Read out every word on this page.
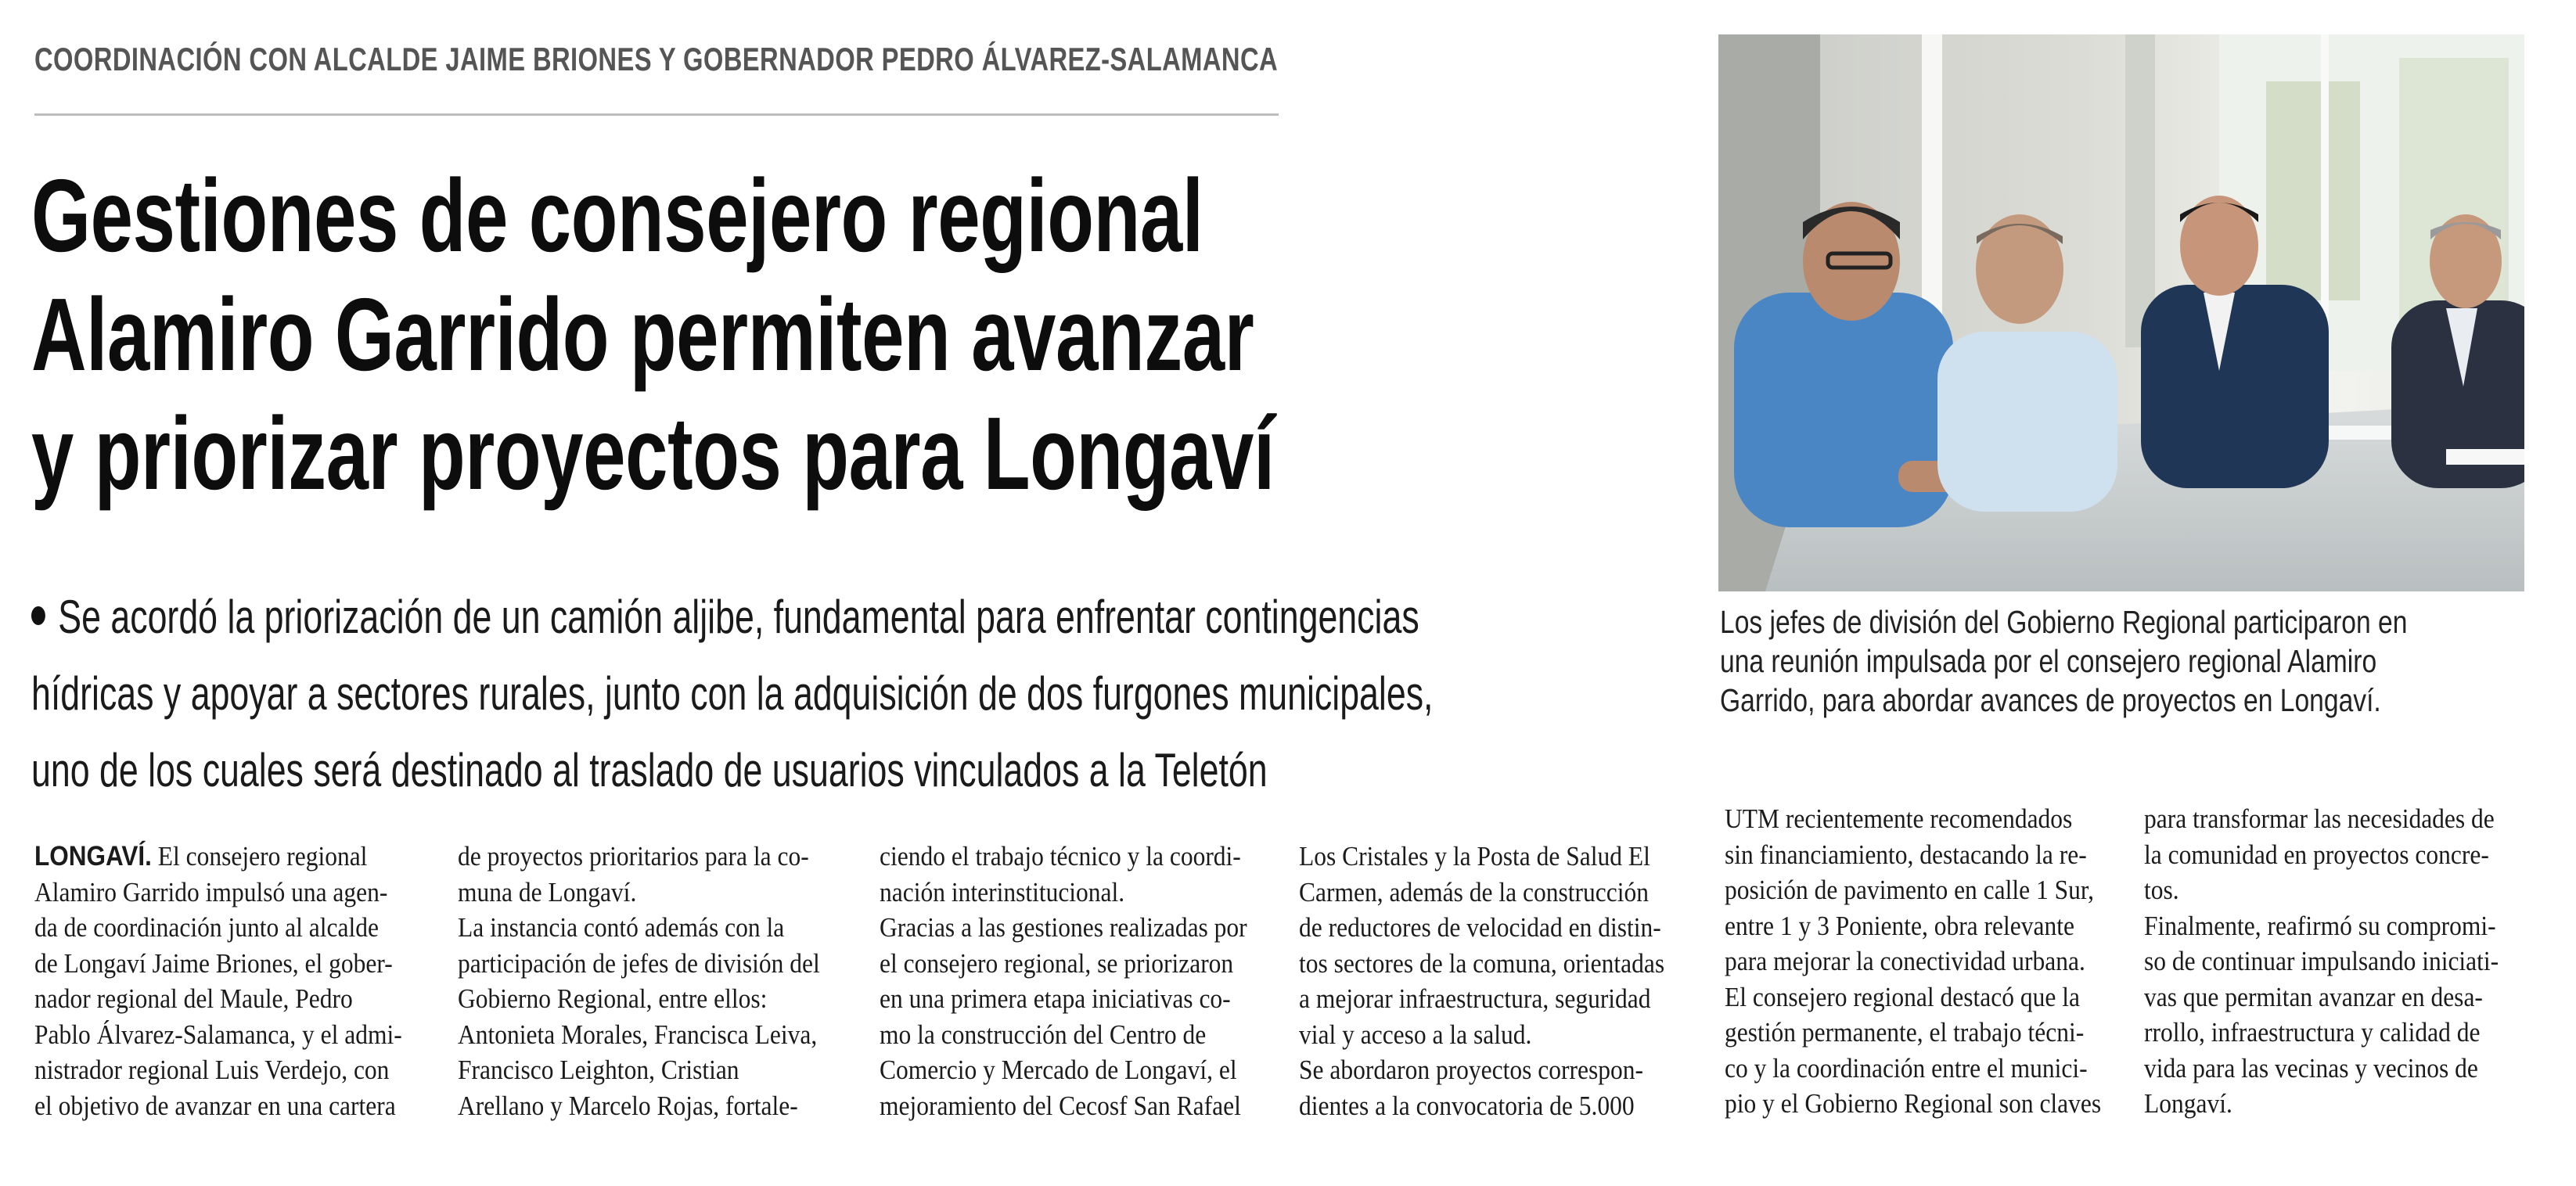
COORDINACIÓN CON ALCALDE JAIME BRIONES Y GOBERNADOR PEDRO ÁLVAREZ-SALAMANCA
Gestiones de consejero regional
Alamiro Garrido permiten avanzar
y priorizar proyectos para Longaví
Se acordó la priorización de un camión aljibe, fundamental para enfrentar contingencias
hídricas y apoyar a sectores rurales, junto con la adquisición de dos furgones municipales,
uno de los cuales será destinado al traslado de usuarios vinculados a la Teletón
Los jefes de división del Gobierno Regional participaron en
una reunión impulsada por el consejero regional Alamiro
Garrido, para abordar avances de proyectos en Longaví.
LONGAVÍ. El consejero regional
Alamiro Garrido impulsó una agen-
da de coordinación junto al alcalde
de Longaví Jaime Briones, el gober-
nador regional del Maule, Pedro
Pablo Álvarez-Salamanca, y el admi-
nistrador regional Luis Verdejo, con
el objetivo de avanzar en una cartera
de proyectos prioritarios para la co-
muna de Longaví.
La instancia contó además con la
participación de jefes de división del
Gobierno Regional, entre ellos:
Antonieta Morales, Francisca Leiva,
Francisco Leighton, Cristian
Arellano y Marcelo Rojas, fortale-
ciendo el trabajo técnico y la coordi-
nación interinstitucional.
Gracias a las gestiones realizadas por
el consejero regional, se priorizaron
en una primera etapa iniciativas co-
mo la construcción del Centro de
Comercio y Mercado de Longaví, el
mejoramiento del Cecosf San Rafael
Los Cristales y la Posta de Salud El
Carmen, además de la construcción
de reductores de velocidad en distin-
tos sectores de la comuna, orientadas
a mejorar infraestructura, seguridad
vial y acceso a la salud.
Se abordaron proyectos correspon-
dientes a la convocatoria de 5.000
UTM recientemente recomendados
sin financiamiento, destacando la re-
posición de pavimento en calle 1 Sur,
entre 1 y 3 Poniente, obra relevante
para mejorar la conectividad urbana.
El consejero regional destacó que la
gestión permanente, el trabajo técni-
co y la coordinación entre el munici-
pio y el Gobierno Regional son claves
para transformar las necesidades de
la comunidad en proyectos concre-
tos.
Finalmente, reafirmó su compromi-
so de continuar impulsando iniciati-
vas que permitan avanzar en desa-
rrollo, infraestructura y calidad de
vida para las vecinas y vecinos de
Longaví.
